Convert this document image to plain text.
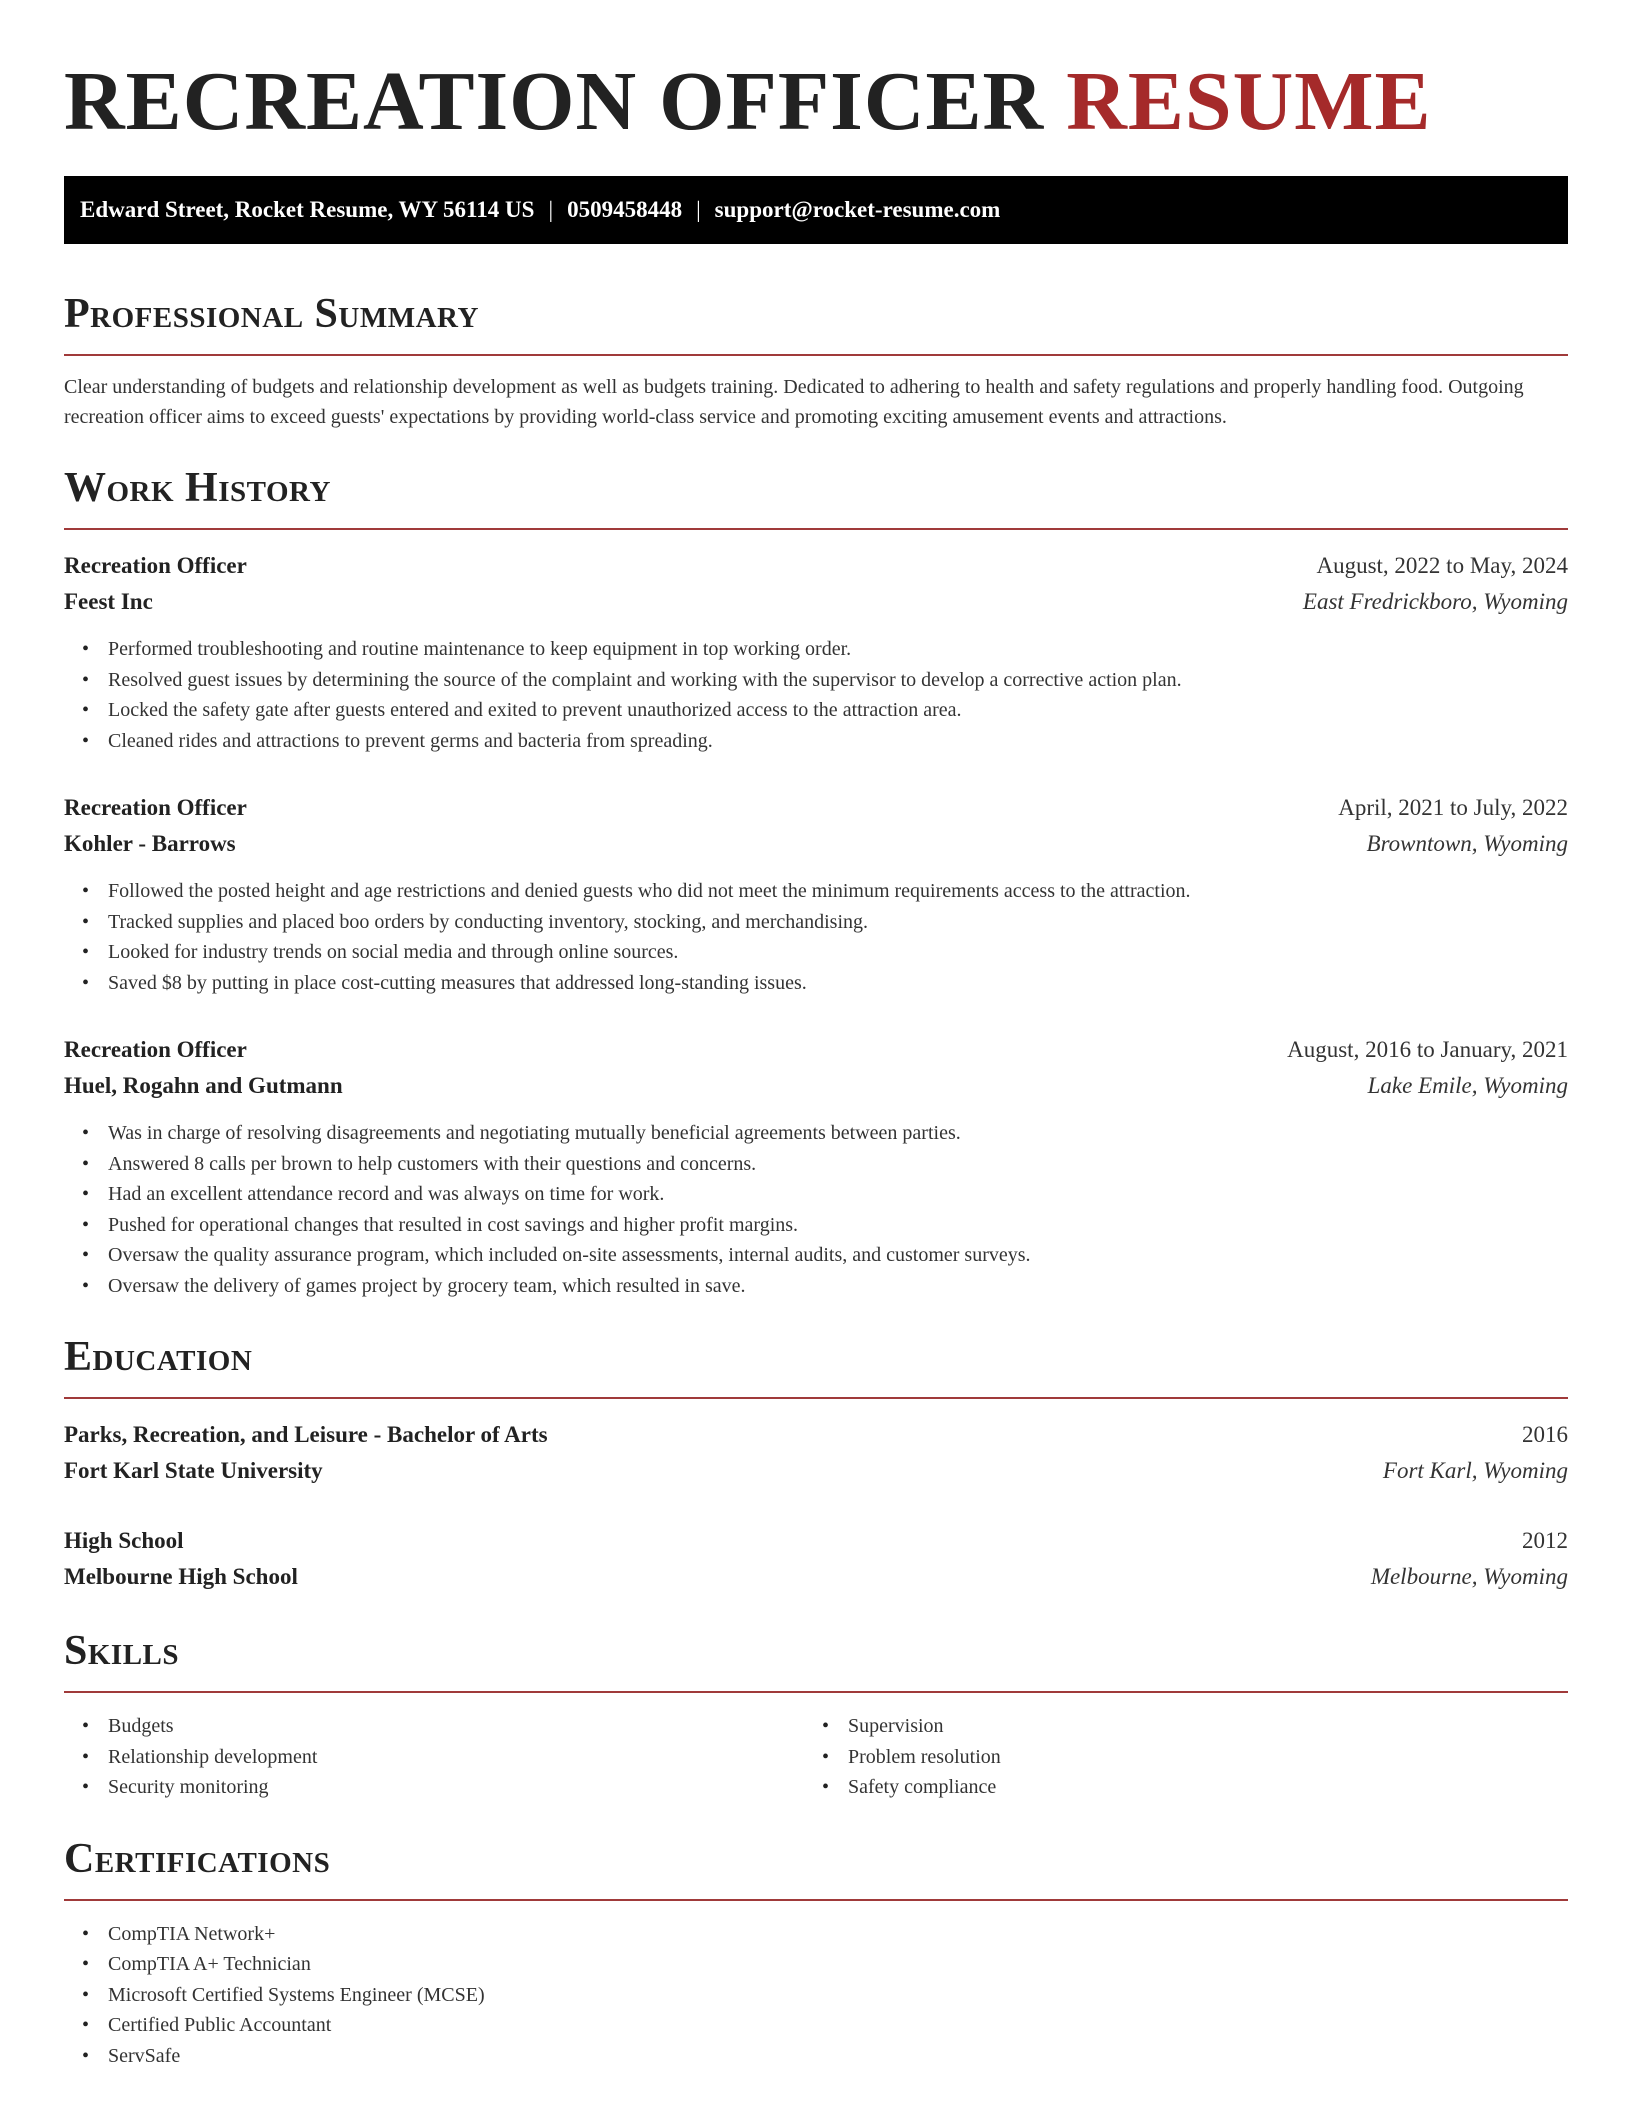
RECREATION OFFICER RESUME
Edward Street, Rocket Resume, WY 56114 US | 0509458448 | support@rocket-resume.com
Professional Summary

Clear understanding of budgets and relationship development as well as budgets training. Dedicated to adhering to health and safety regulations and properly handling food. Outgoing recreation officer aims to exceed guests' expectations by providing world-class service and promoting exciting amusement events and attractions.

Work History
Recreation Officer	August, 2022 to May, 2024
Feest Inc	East Fredrickboro, Wyoming
• Performed troubleshooting and routine maintenance to keep equipment in top working order.
• Resolved guest issues by determining the source of the complaint and working with the supervisor to develop a corrective action plan.
• Locked the safety gate after guests entered and exited to prevent unauthorized access to the attraction area.
• Cleaned rides and attractions to prevent germs and bacteria from spreading.
Recreation Officer	April, 2021 to July, 2022
Kohler - Barrows	Browntown, Wyoming
• Followed the posted height and age restrictions and denied guests who did not meet the minimum requirements access to the attraction.
• Tracked supplies and placed boo orders by conducting inventory, stocking, and merchandising.
• Looked for industry trends on social media and through online sources.
• Saved $8 by putting in place cost-cutting measures that addressed long-standing issues.
Recreation Officer	August, 2016 to January, 2021
Huel, Rogahn and Gutmann	Lake Emile, Wyoming
• Was in charge of resolving disagreements and negotiating mutually beneficial agreements between parties.
• Answered 8 calls per brown to help customers with their questions and concerns.
• Had an excellent attendance record and was always on time for work.
• Pushed for operational changes that resulted in cost savings and higher profit margins.
• Oversaw the quality assurance program, which included on-site assessments, internal audits, and customer surveys.
• Oversaw the delivery of games project by grocery team, which resulted in save.
Education
Parks, Recreation, and Leisure - Bachelor of Arts	2016
Fort Karl State University	Fort Karl, Wyoming
High School	2012
Melbourne High School	Melbourne, Wyoming
Skills
• Budgets
• Relationship development
• Security monitoring
• Supervision
• Problem resolution
• Safety compliance
Certifications
• CompTIA Network+
• CompTIA A+ Technician
• Microsoft Certified Systems Engineer (MCSE)
• Certified Public Accountant
• ServSafe
